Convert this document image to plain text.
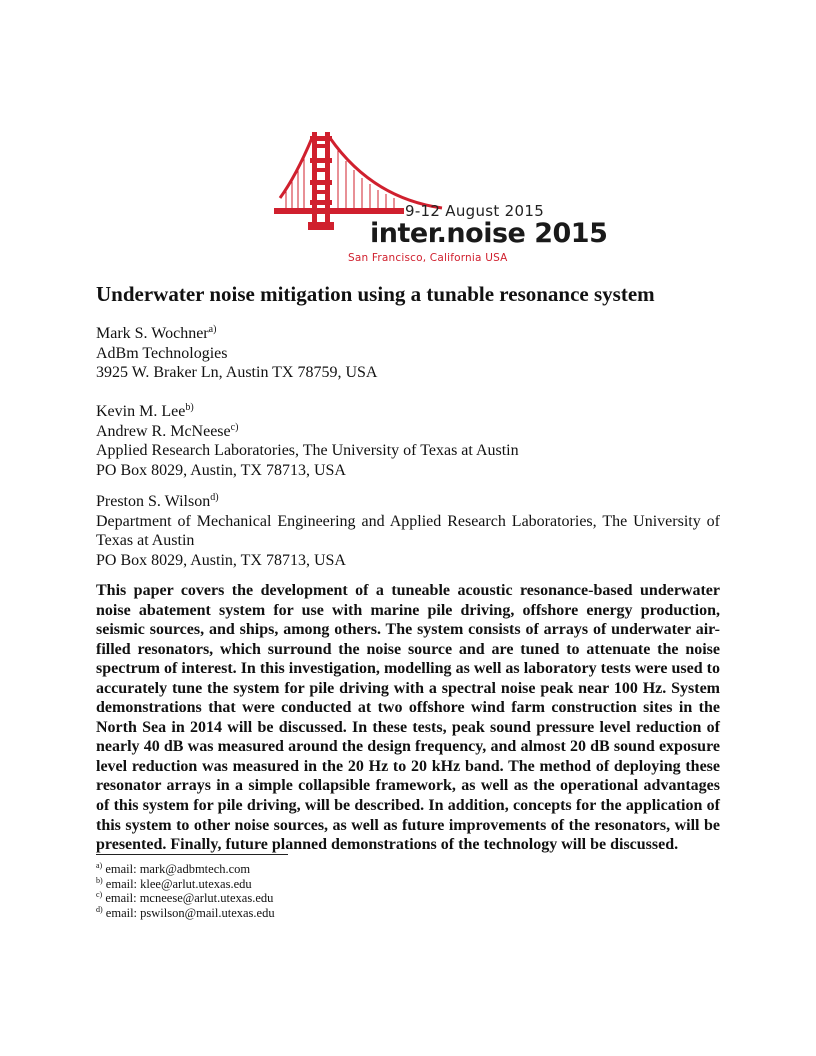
9-12 August 2015
inter.noise 2015
San Francisco, California USA
Underwater noise mitigation using a tunable resonance system
Mark S. Wochner$^{a)}$
AdBm Technologies
3925 W. Braker Ln, Austin TX 78759, USA
Kevin M. Lee$^{b)}$
Andrew R. McNeese$^{c)}$
Applied Research Laboratories, The University of Texas at Austin
PO Box 8029, Austin, TX 78713, USA
Preston S. Wilson$^{d)}$
Department of Mechanical Engineering and Applied Research Laboratories, The University of Texas at Austin
PO Box 8029, Austin, TX 78713, USA

This paper covers the development of a tuneable acoustic resonance-based underwater noise abatement system for use with marine pile driving, offshore energy production, seismic sources, and ships, among others. The system consists of arrays of underwater air-filled resonators, which surround the noise source and are tuned to attenuate the noise spectrum of interest. In this investigation, modelling as well as laboratory tests were used to accurately tune the system for pile driving with a spectral noise peak near 100 Hz. System demonstrations that were conducted at two offshore wind farm construction sites in the North Sea in 2014 will be discussed. In these tests, peak sound pressure level reduction of nearly 40 dB was measured around the design frequency, and almost 20 dB sound exposure level reduction was measured in the 20 Hz to 20 kHz band. The method of deploying these resonator arrays in a simple collapsible framework, as well as the operational advantages of this system for pile driving, will be described. In addition, concepts for the application of this system to other noise sources, as well as future improvements of the resonators, will be presented. Finally, future planned demonstrations of the technology will be discussed.

$^{a)}$ email: mark@adbmtech.com
$^{b)}$ email: klee@arlut.utexas.edu
$^{c)}$ email: mcneese@arlut.utexas.edu
$^{d)}$ email: pswilson@mail.utexas.edu
